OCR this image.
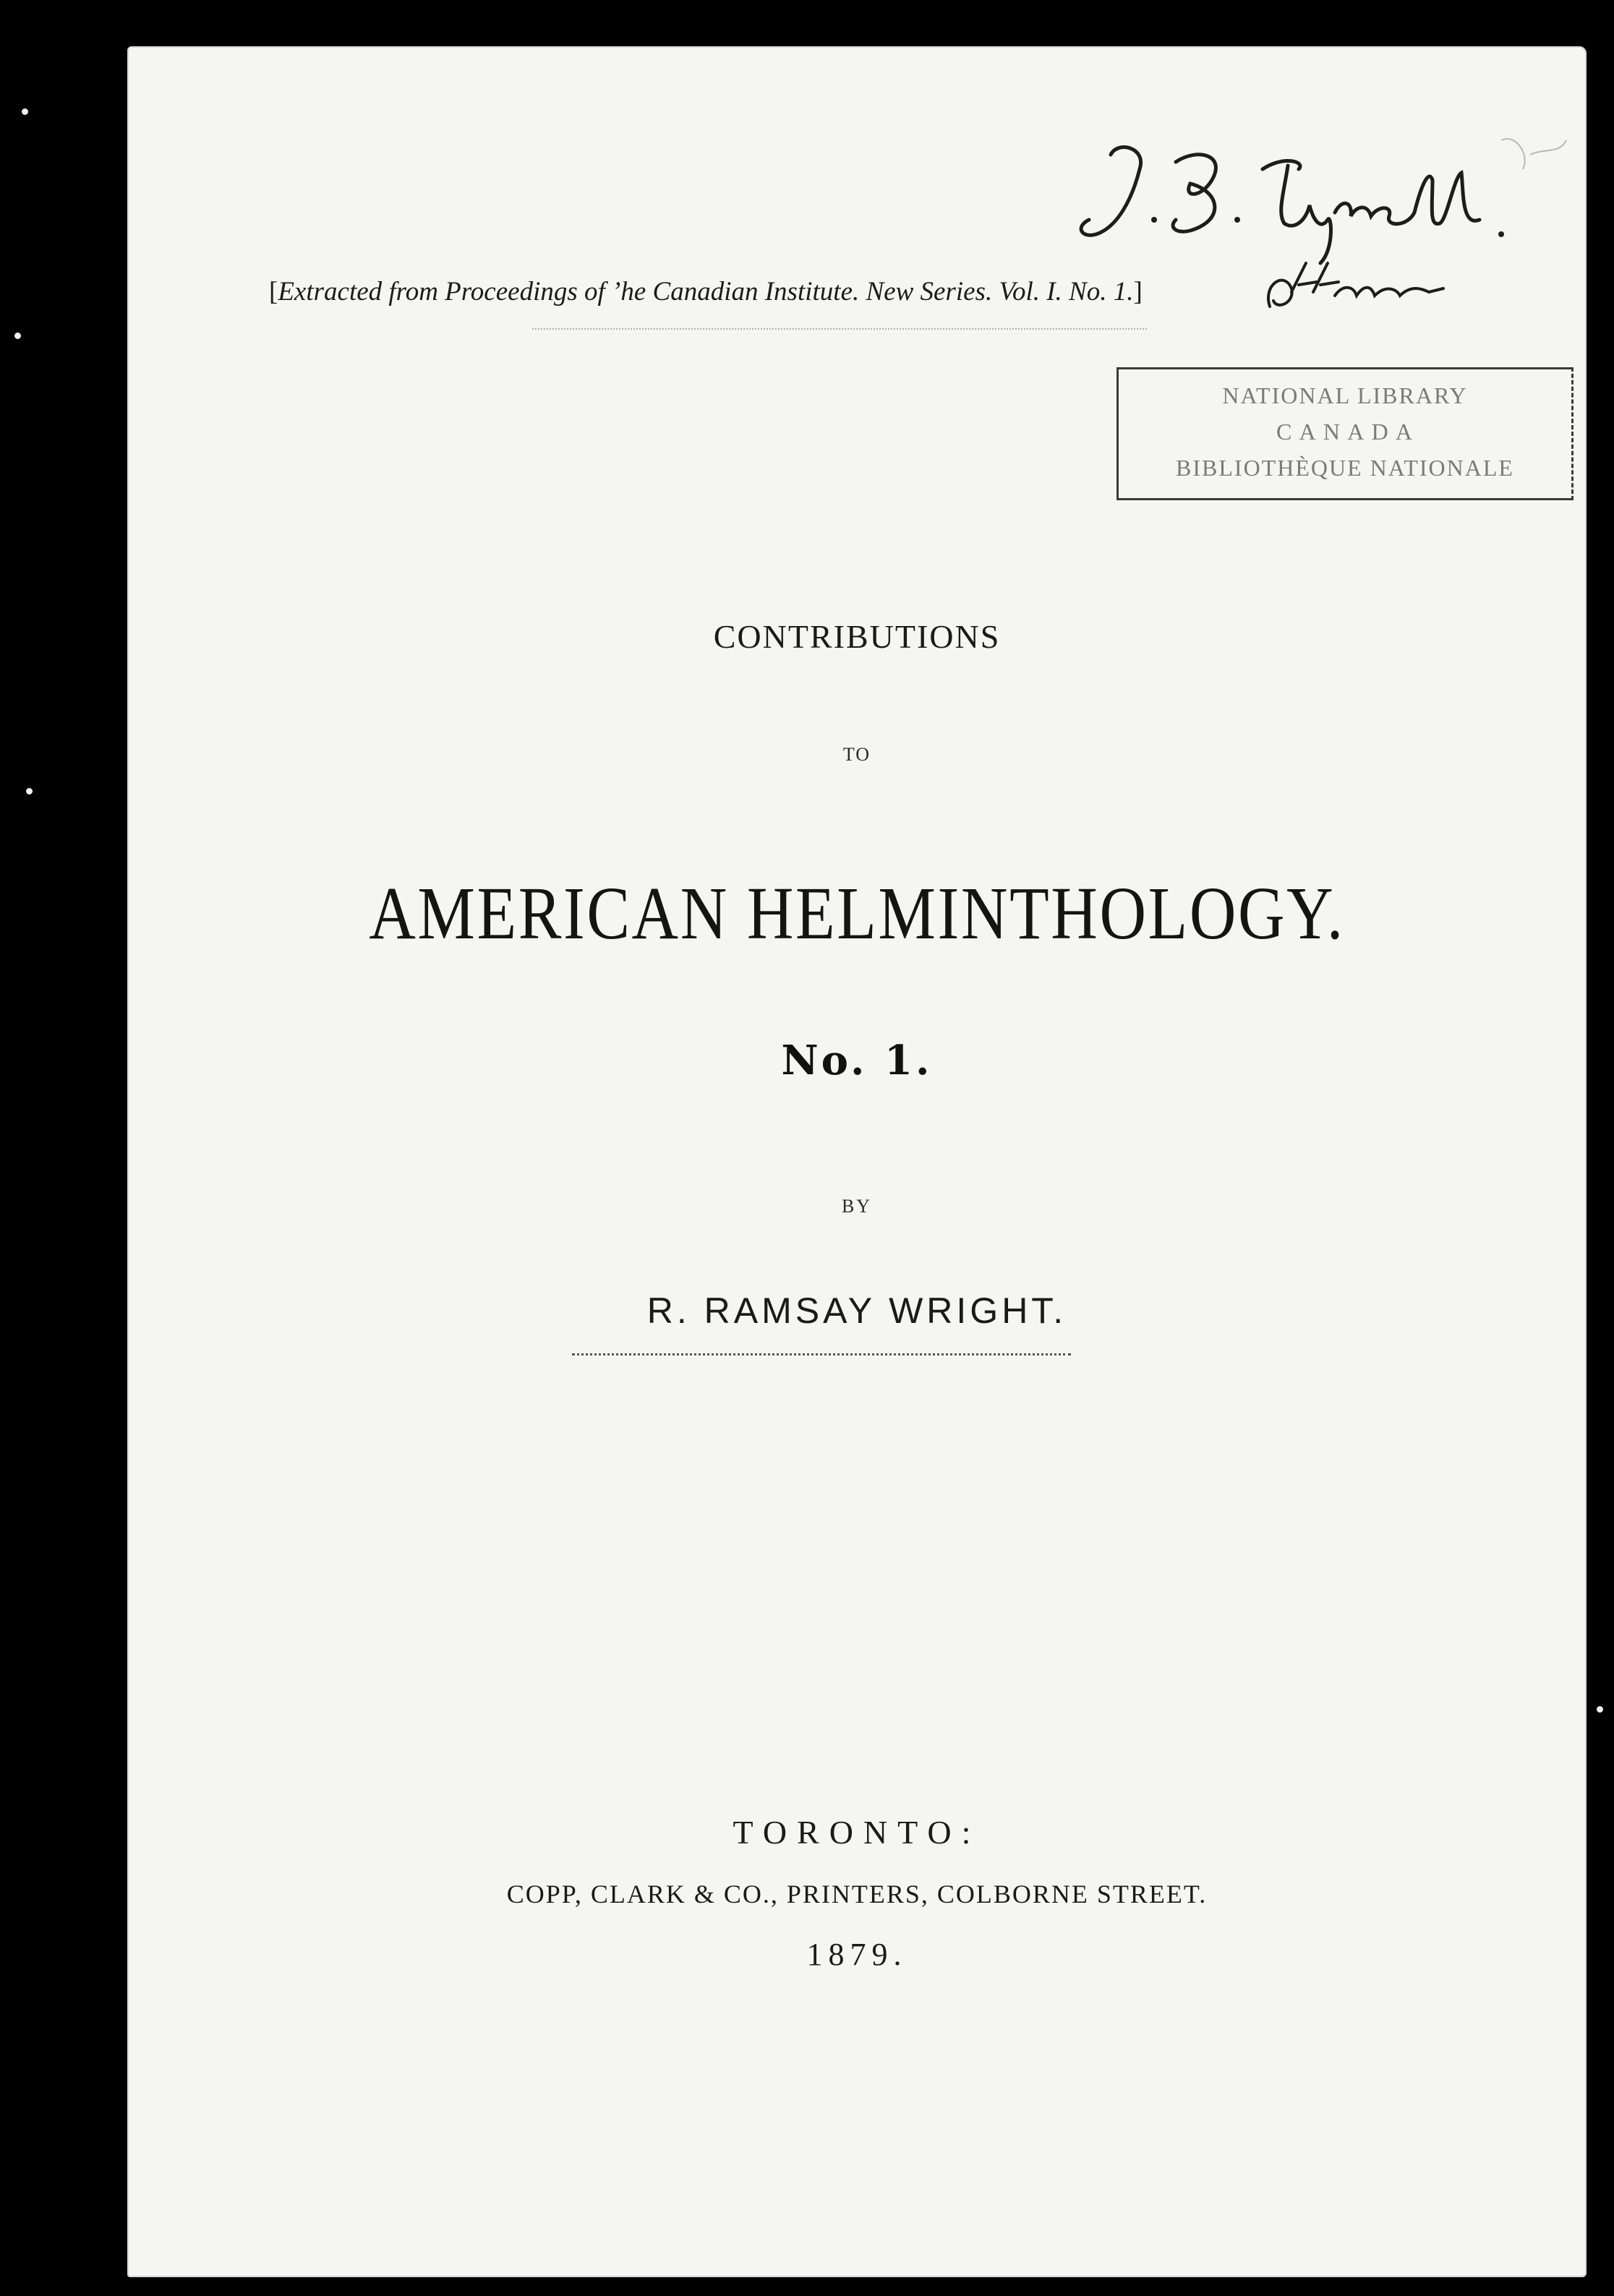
[Extracted from Proceedings of ’he Canadian Institute. New Series. Vol. I. No. 1.]
NATIONAL LIBRARY
C A N A D A
BIBLIOTHÈQUE NATIONALE
CONTRIBUTIONS
TO
AMERICAN HELMINTHOLOGY.
No. 1.
BY
R. RAMSAY WRIGHT.
TORONTO:
COPP, CLARK & CO., PRINTERS, COLBORNE STREET.
1879.
